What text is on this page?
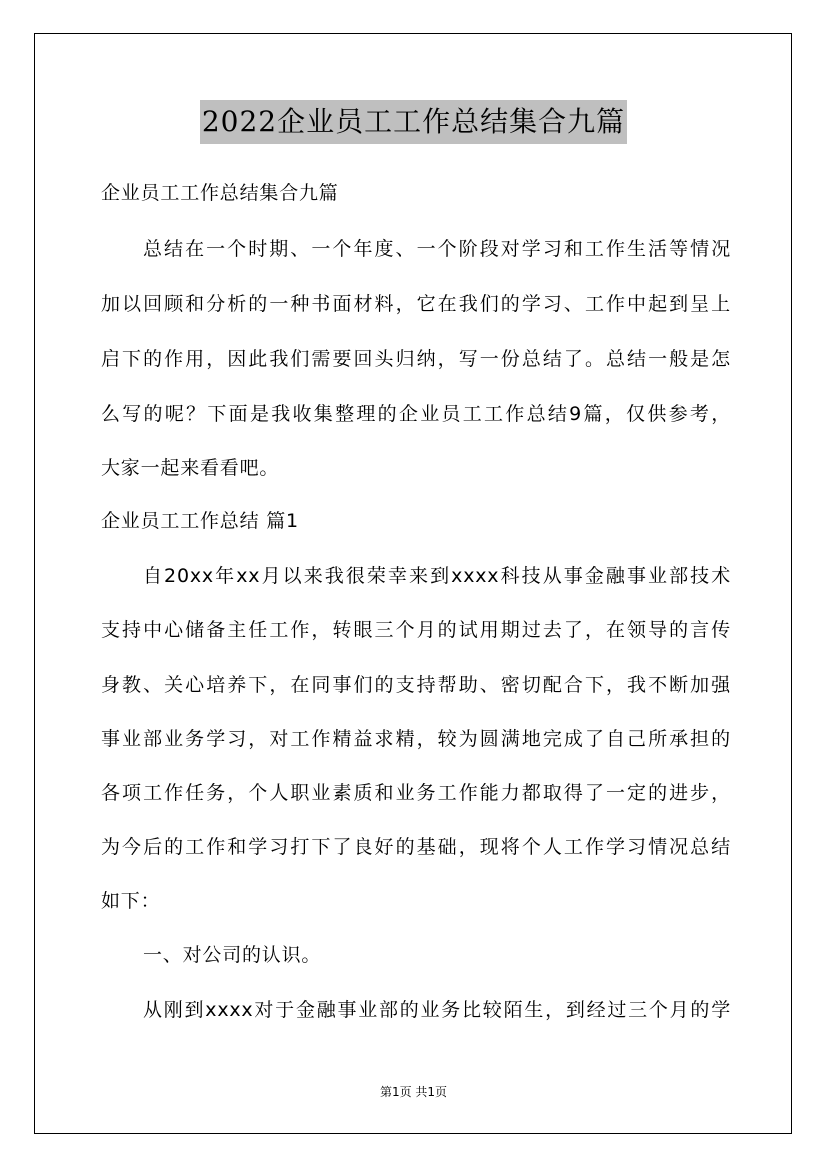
2022企业员工工作总结集合九篇
企业员工工作总结集合九篇
总结在一个时期、一个年度、一个阶段对学习和工作生活等情况
加以回顾和分析的一种书面材料，它在我们的学习、工作中起到呈上
启下的作用，因此我们需要回头归纳，写一份总结了。总结一般是怎
么写的呢？下面是我收集整理的企业员工工作总结9篇，仅供参考，
大家一起来看看吧。
企业员工工作总结 篇1
自20xx年xx月以来我很荣幸来到xxxx科技从事金融事业部技术
支持中心储备主任工作，转眼三个月的试用期过去了，在领导的言传
身教、关心培养下，在同事们的支持帮助、密切配合下，我不断加强
事业部业务学习，对工作精益求精，较为圆满地完成了自己所承担的
各项工作任务，个人职业素质和业务工作能力都取得了一定的进步，
为今后的工作和学习打下了良好的基础，现将个人工作学习情况总结
如下：
一、对公司的认识。
从刚到xxxx对于金融事业部的业务比较陌生，到经过三个月的学
第1页 共1页
